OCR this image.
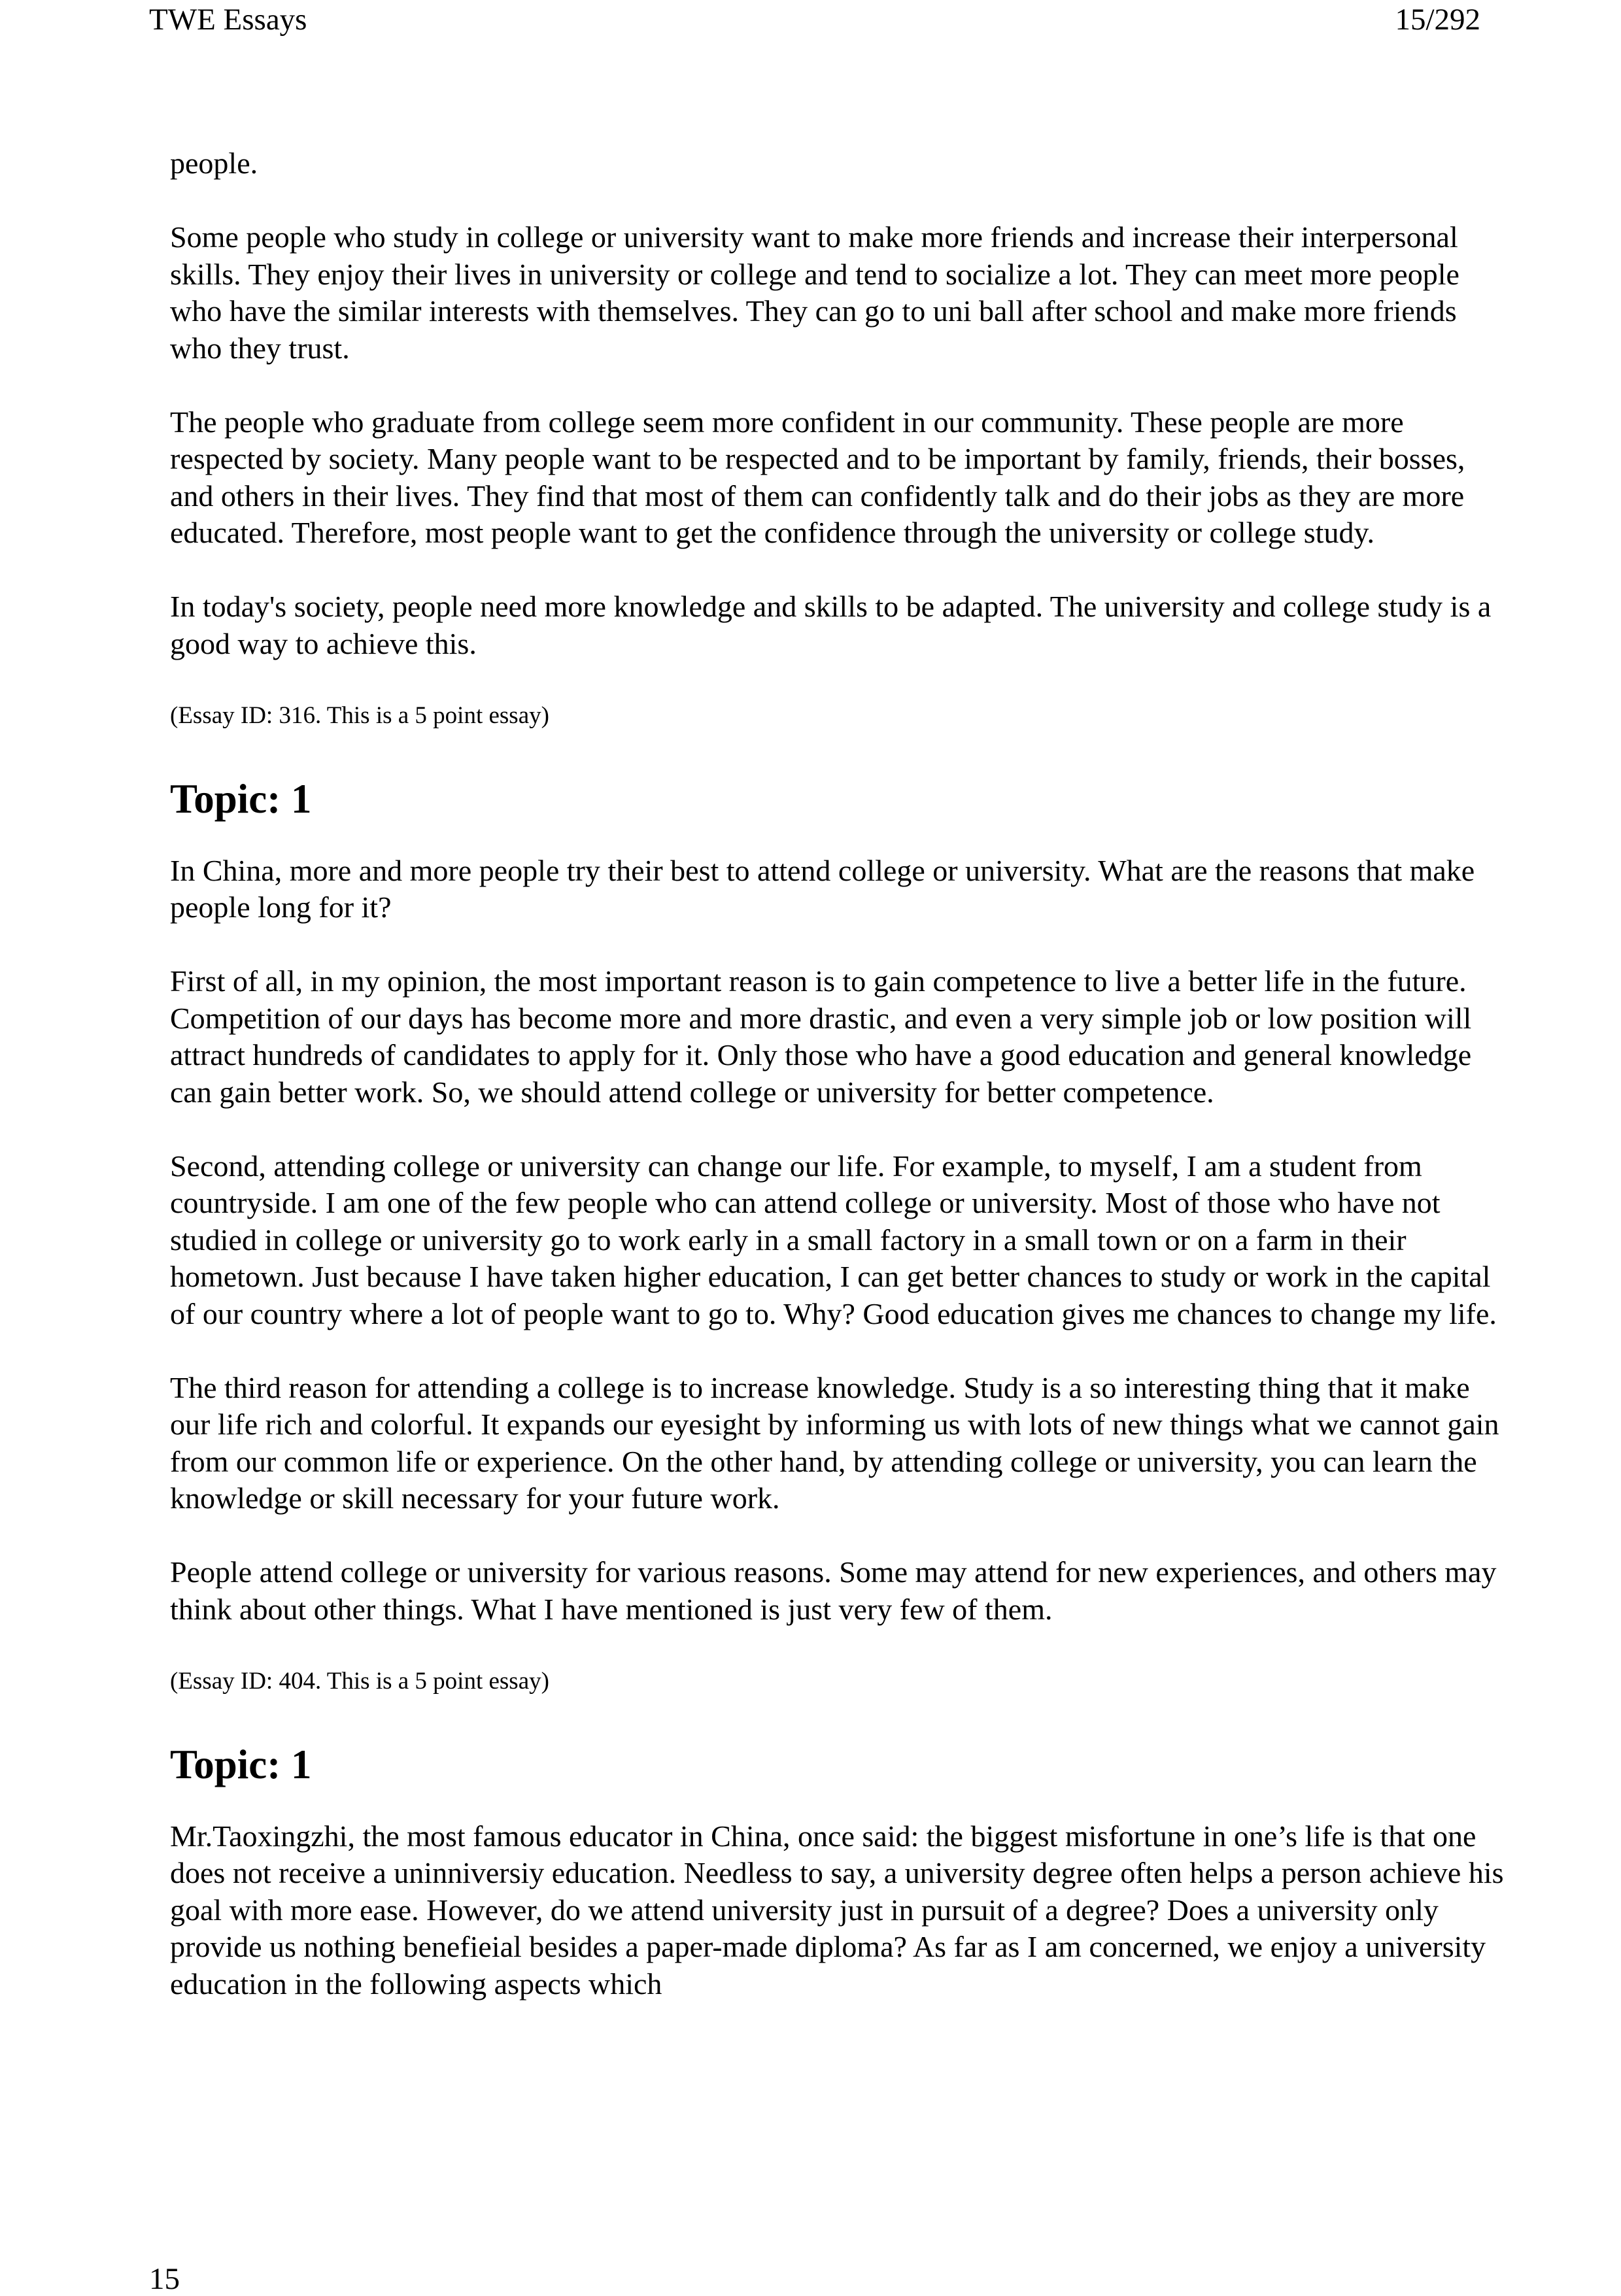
TWE Essays	15/292

people.

Some people who study in college or university want to make more friends and increase their interpersonal skills. They enjoy their lives in university or college and tend to socialize a lot. They can meet more people who have the similar interests with themselves. They can go to uni ball after school and make more friends who they trust.

The people who graduate from college seem more confident in our community. These people are more respected by society. Many people want to be respected and to be important by family, friends, their bosses, and others in their lives. They find that most of them can confidently talk and do their jobs as they are more educated. Therefore, most people want to get the confidence through the university or college study.

In today's society, people need more knowledge and skills to be adapted. The university and college study is a good way to achieve this.

(Essay ID: 316. This is a 5 point essay)

Topic: 1

In China, more and more people try their best to attend college or university. What are the reasons that make people long for it?

First of all, in my opinion, the most important reason is to gain competence to live a better life in the future. Competition of our days has become more and more drastic, and even a very simple job or low position will attract hundreds of candidates to apply for it. Only those who have a good education and general knowledge can gain better work. So, we should attend college or university for better competence.

Second, attending college or university can change our life. For example, to myself, I am a student from countryside. I am one of the few people who can attend college or university. Most of those who have not studied in college or university go to work early in a small factory in a small town or on a farm in their hometown. Just because I have taken higher education, I can get better chances to study or work in the capital of our country where a lot of people want to go to. Why? Good education gives me chances to change my life.

The third reason for attending a college is to increase knowledge. Study is a so interesting thing that it make our life rich and colorful. It expands our eyesight by informing us with lots of new things what we cannot gain from our common life or experience. On the other hand, by attending college or university, you can learn the knowledge or skill necessary for your future work.

People attend college or university for various reasons. Some may attend for new experiences, and others may think about other things. What I have mentioned is just very few of them.

(Essay ID: 404. This is a 5 point essay)

Topic: 1

Mr.Taoxingzhi, the most famous educator in China, once said: the biggest misfortune in one’s life is that one does not receive a uninniversiy education. Needless to say, a university degree often helps a person achieve his goal with more ease. However, do we attend university just in pursuit of a degree? Does a university only provide us nothing benefieial besides a paper-made diploma? As far as I am concerned, we enjoy a university education in the following aspects which

15
